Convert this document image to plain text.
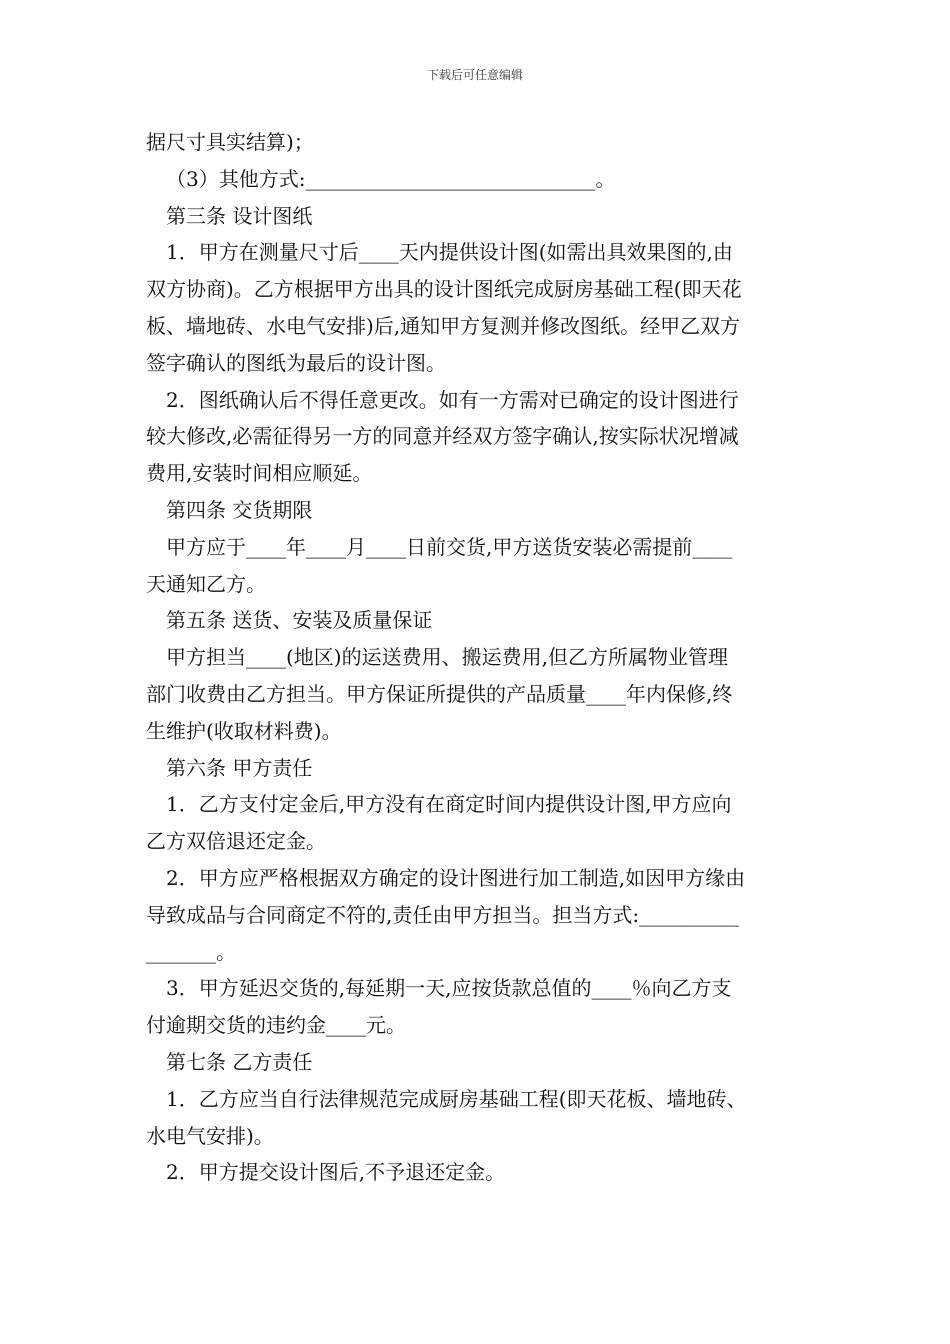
下载后可任意编辑
据尺寸具实结算)；
（3）其他方式:_____________________________。
第三条 设计图纸
1．甲方在测量尺寸后____天内提供设计图(如需出具效果图的,由
双方协商)。乙方根据甲方出具的设计图纸完成厨房基础工程(即天花
板、墙地砖、水电气安排)后,通知甲方复测并修改图纸。经甲乙双方
签字确认的图纸为最后的设计图。
2．图纸确认后不得任意更改。如有一方需对已确定的设计图进行
较大修改,必需征得另一方的同意并经双方签字确认,按实际状况增减
费用,安装时间相应顺延。
第四条 交货期限
甲方应于____年____月____日前交货,甲方送货安装必需提前____
天通知乙方。
第五条 送货、安装及质量保证
甲方担当____(地区)的运送费用、搬运费用,但乙方所属物业管理
部门收费由乙方担当。甲方保证所提供的产品质量____年内保修,终
生维护(收取材料费)。
第六条 甲方责任
1．乙方支付定金后,甲方没有在商定时间内提供设计图,甲方应向
乙方双倍退还定金。
2．甲方应严格根据双方确定的设计图进行加工制造,如因甲方缘由
导致成品与合同商定不符的,责任由甲方担当。担当方式:__________
_______。
3．甲方延迟交货的,每延期一天,应按货款总值的____％向乙方支
付逾期交货的违约金____元。
第七条 乙方责任
1．乙方应当自行法律规范完成厨房基础工程(即天花板、墙地砖、
水电气安排)。
2．甲方提交设计图后,不予退还定金。
